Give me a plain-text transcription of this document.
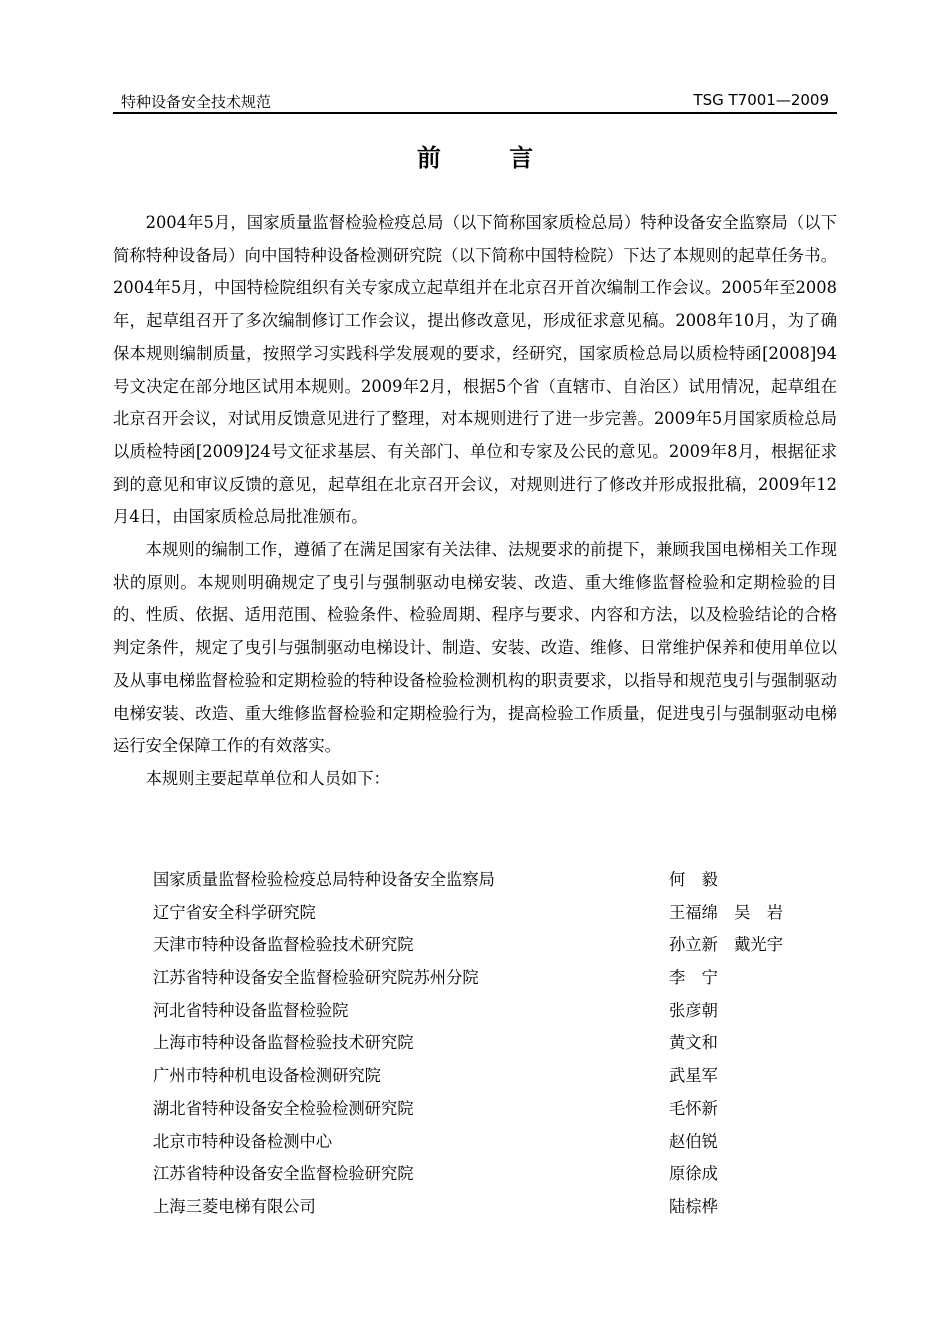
特种设备安全技术规范	TSG T7001—2009
前 言

2004年5月，国家质量监督检验检疫总局（以下简称国家质检总局）特种设备安全监察局（以下简称特种设备局）向中国特种设备检测研究院（以下简称中国特检院）下达了本规则的起草任务书。2004年5月，中国特检院组织有关专家成立起草组并在北京召开首次编制工作会议。2005年至2008年，起草组召开了多次编制修订工作会议，提出修改意见，形成征求意见稿。2008年10月，为了确保本规则编制质量，按照学习实践科学发展观的要求，经研究，国家质检总局以质检特函[2008]94号文决定在部分地区试用本规则。2009年2月，根据5个省（直辖市、自治区）试用情况，起草组在北京召开会议，对试用反馈意见进行了整理，对本规则进行了进一步完善。2009年5月国家质检总局以质检特函[2009]24号文征求基层、有关部门、单位和专家及公民的意见。2009年8月，根据征求到的意见和审议反馈的意见，起草组在北京召开会议，对规则进行了修改并形成报批稿，2009年12月4日，由国家质检总局批准颁布。

本规则的编制工作，遵循了在满足国家有关法律、法规要求的前提下，兼顾我国电梯相关工作现状的原则。本规则明确规定了曳引与强制驱动电梯安装、改造、重大维修监督检验和定期检验的目的、性质、依据、适用范围、检验条件、检验周期、程序与要求、内容和方法，以及检验结论的合格判定条件，规定了曳引与强制驱动电梯设计、制造、安装、改造、维修、日常维护保养和使用单位以及从事电梯监督检验和定期检验的特种设备检验检测机构的职责要求，以指导和规范曳引与强制驱动电梯安装、改造、重大维修监督检验和定期检验行为，提高检验工作质量，促进曳引与强制驱动电梯运行安全保障工作的有效落实。

本规则主要起草单位和人员如下：

国家质量监督检验检疫总局特种设备安全监察局	何　毅
辽宁省安全科学研究院	王福绵　吴　岩
天津市特种设备监督检验技术研究院	孙立新　戴光宇
江苏省特种设备安全监督检验研究院苏州分院	李　宁
河北省特种设备监督检验院	张彦朝
上海市特种设备监督检验技术研究院	黄文和
广州市特种机电设备检测研究院	武星军
湖北省特种设备安全检验检测研究院	毛怀新
北京市特种设备检测中心	赵伯锐
江苏省特种设备安全监督检验研究院	原徐成
上海三菱电梯有限公司	陆棕桦
